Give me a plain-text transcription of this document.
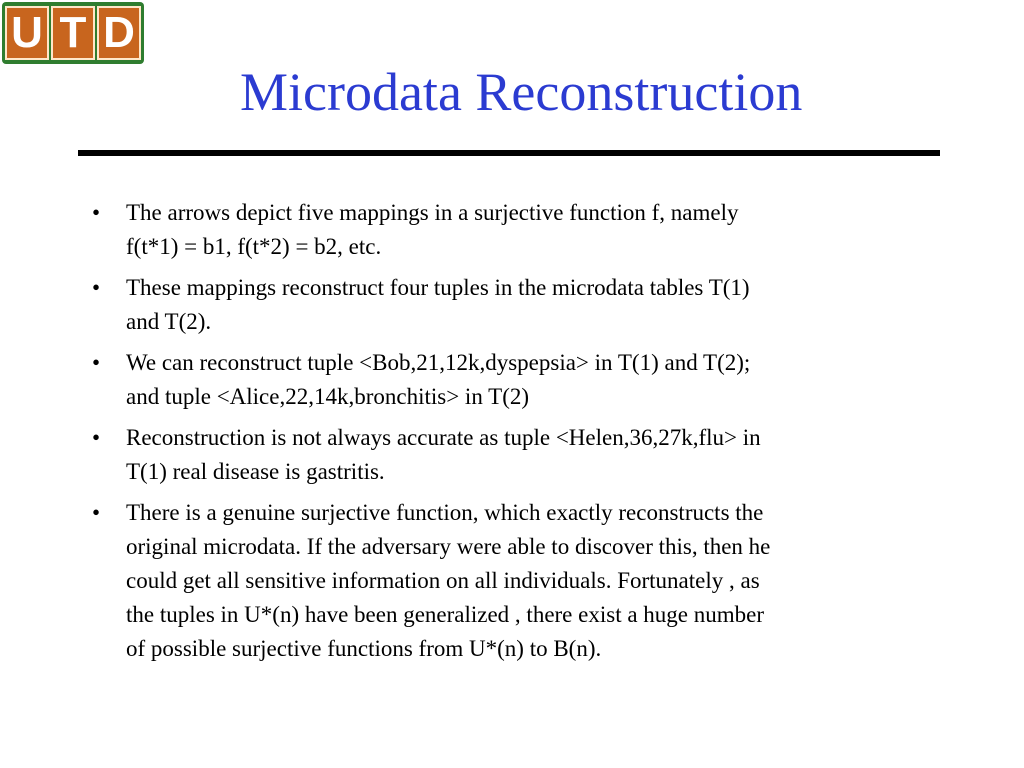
U T D
Microdata Reconstruction
•	The arrows depict five mappings in a surjective function f, namely
f(t*1) = b1, f(t*2) = b2, etc.
•	These mappings reconstruct four tuples in the microdata tables T(1)
and T(2).
•	We can reconstruct tuple <Bob,21,12k,dyspepsia> in T(1) and T(2);
and tuple <Alice,22,14k,bronchitis> in T(2)
•	Reconstruction is not always accurate as tuple <Helen,36,27k,flu> in
T(1) real disease is gastritis.
•	There is a genuine surjective function, which exactly reconstructs the
original microdata. If the adversary were able to discover this, then he
could get all sensitive information on all individuals. Fortunately , as
the tuples in U*(n) have been generalized , there exist a huge number
of possible surjective functions from U*(n) to B(n).
